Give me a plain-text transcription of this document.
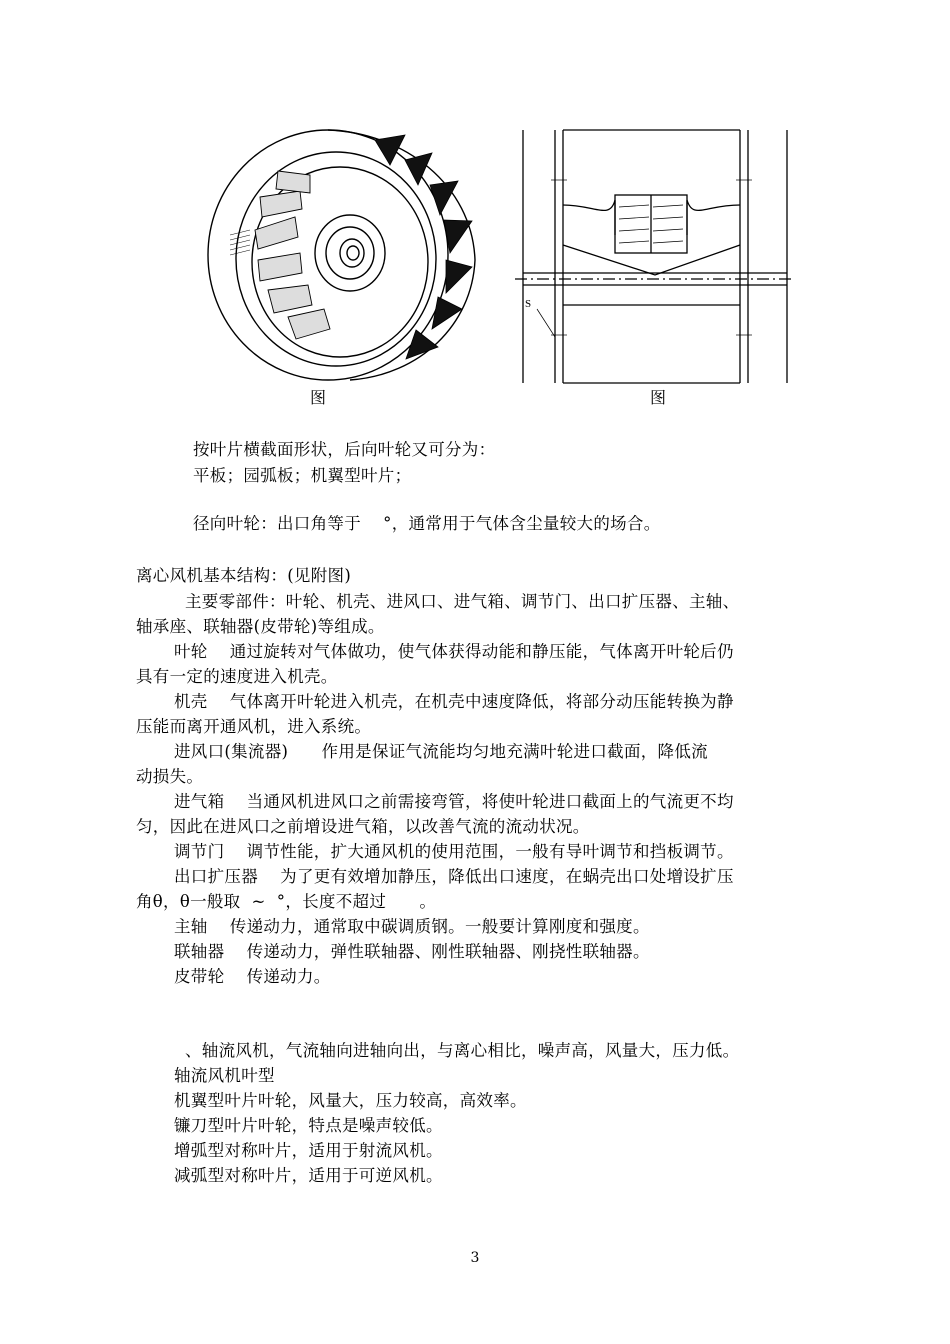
图
S
图
按叶片横截面形状，后向叶轮又可分为：
平板；园弧板；机翼型叶片；
径向叶轮：出口角等于    °，通常用于气体含尘量较大的场合。
离心风机基本结构：(见附图)
主要零部件：叶轮、机壳、进风口、进气箱、调节门、出口扩压器、主轴、
轴承座、联轴器(皮带轮)等组成。
叶轮    通过旋转对气体做功，使气体获得动能和静压能，气体离开叶轮后仍
具有一定的速度进入机壳。
机壳    气体离开叶轮进入机壳，在机壳中速度降低，将部分动压能转换为静
压能而离开通风机，进入系统。
进风口(集流器)      作用是保证气流能均匀地充满叶轮进口截面，降低流
动损失。
进气箱    当通风机进风口之前需接弯管，将使叶轮进口截面上的气流更不均
匀，因此在进风口之前增设进气箱，以改善气流的流动状况。
调节门    调节性能，扩大通风机的使用范围，一般有导叶调节和挡板调节。
出口扩压器    为了更有效增加静压，降低出口速度，在蜗壳出口处增设扩压
角θ，θ一般取  ~  °，长度不超过      。
主轴    传递动力，通常取中碳调质钢。一般要计算刚度和强度。
联轴器    传递动力，弹性联轴器、刚性联轴器、刚挠性联轴器。
皮带轮    传递动力。
、轴流风机，气流轴向进轴向出，与离心相比，噪声高，风量大，压力低。
轴流风机叶型
机翼型叶片叶轮，风量大，压力较高，高效率。
镰刀型叶片叶轮，特点是噪声较低。
增弧型对称叶片，适用于射流风机。
减弧型对称叶片，适用于可逆风机。
3
